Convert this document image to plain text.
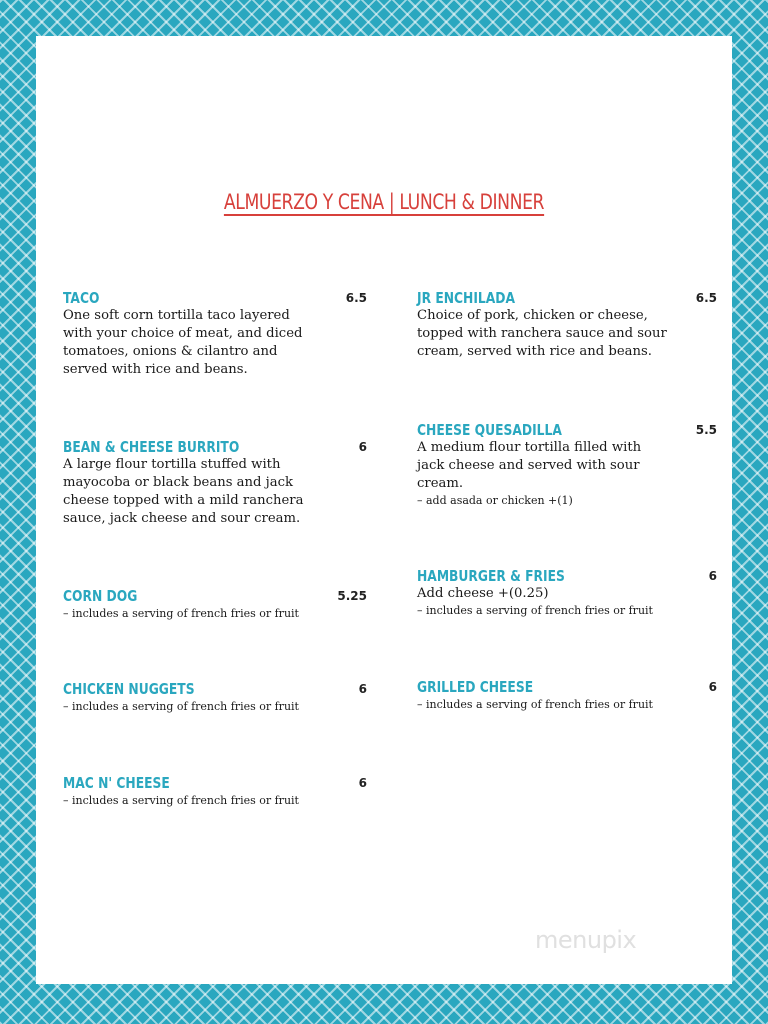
ALMUERZO Y CENA | LUNCH & DINNER
TACO	6.5
One soft corn tortilla taco layered with your choice of meat, and diced tomatoes, onions & cilantro and served with rice and beans.
BEAN & CHEESE BURRITO	6
A large flour tortilla stuffed with mayocoba or black beans and jack cheese topped with a mild ranchera sauce, jack cheese and sour cream.
CORN DOG	5.25
– includes a serving of french fries or fruit
CHICKEN NUGGETS	6
– includes a serving of french fries or fruit
MAC N' CHEESE	6
– includes a serving of french fries or fruit
JR ENCHILADA	6.5
Choice of pork, chicken or cheese, topped with ranchera sauce and sour cream, served with rice and beans.
CHEESE QUESADILLA	5.5
A medium flour tortilla filled with jack cheese and served with sour cream.
– add asada or chicken +(1)
HAMBURGER & FRIES	6
Add cheese +(0.25)
– includes a serving of french fries or fruit
GRILLED CHEESE	6
– includes a serving of french fries or fruit
menupix
